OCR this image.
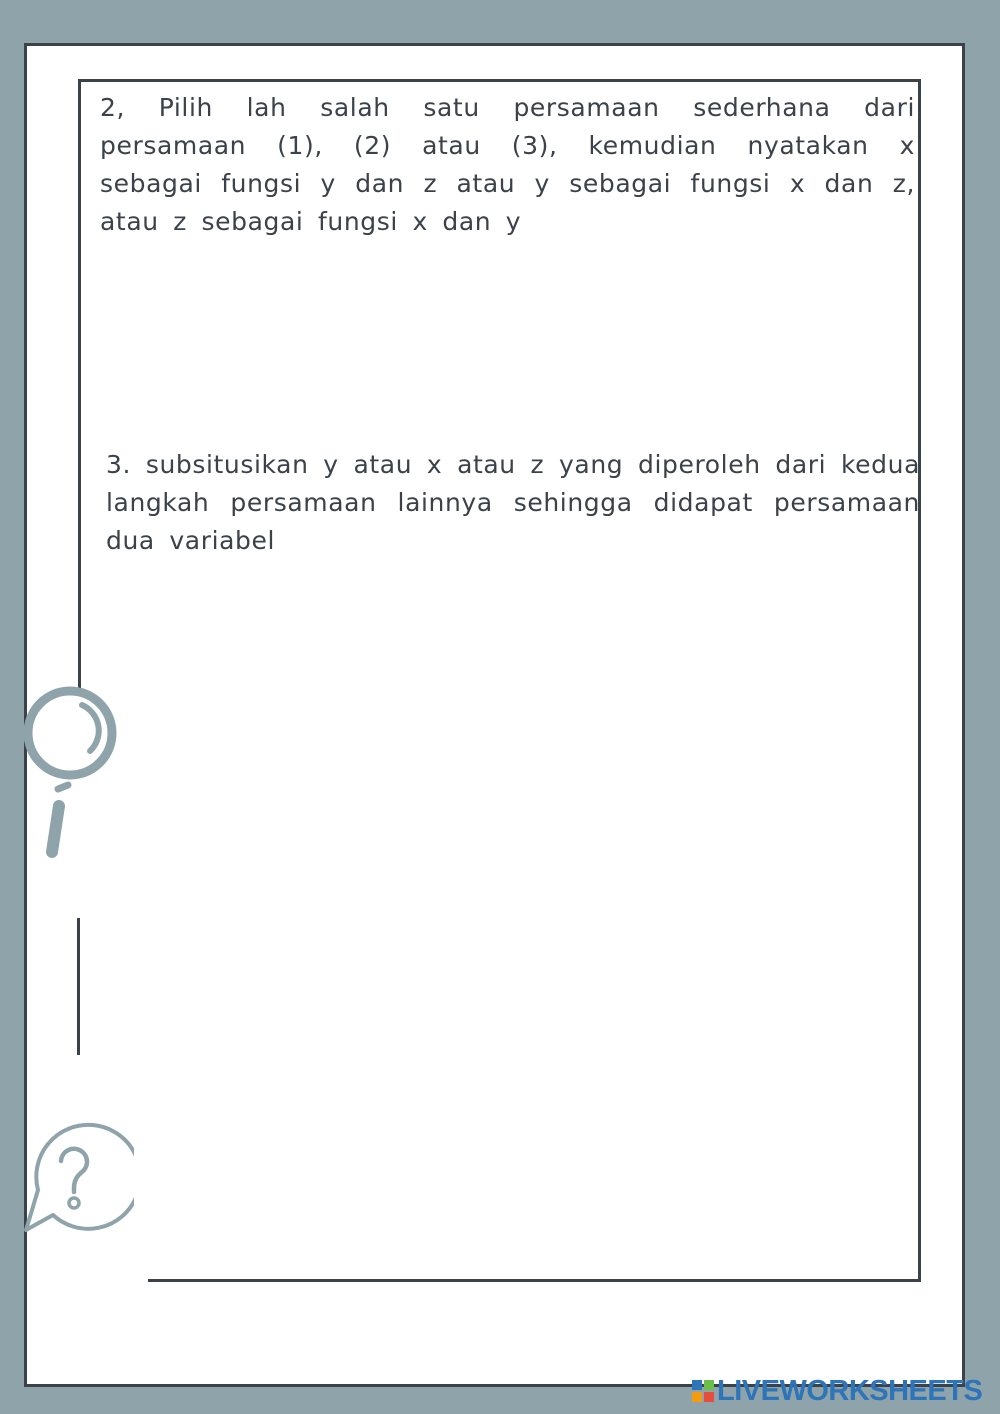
2, Pilih lah salah satu persamaan sederhana dari persamaan (1), (2) atau (3), kemudian nyatakan x sebagai fungsi y dan z atau y sebagai fungsi x dan z, atau z sebagai fungsi x dan y

3. subsitusikan y atau x atau z yang diperoleh dari kedua langkah persamaan lainnya sehingga didapat persamaan dua variabel

LIVEWORKSHEETS
